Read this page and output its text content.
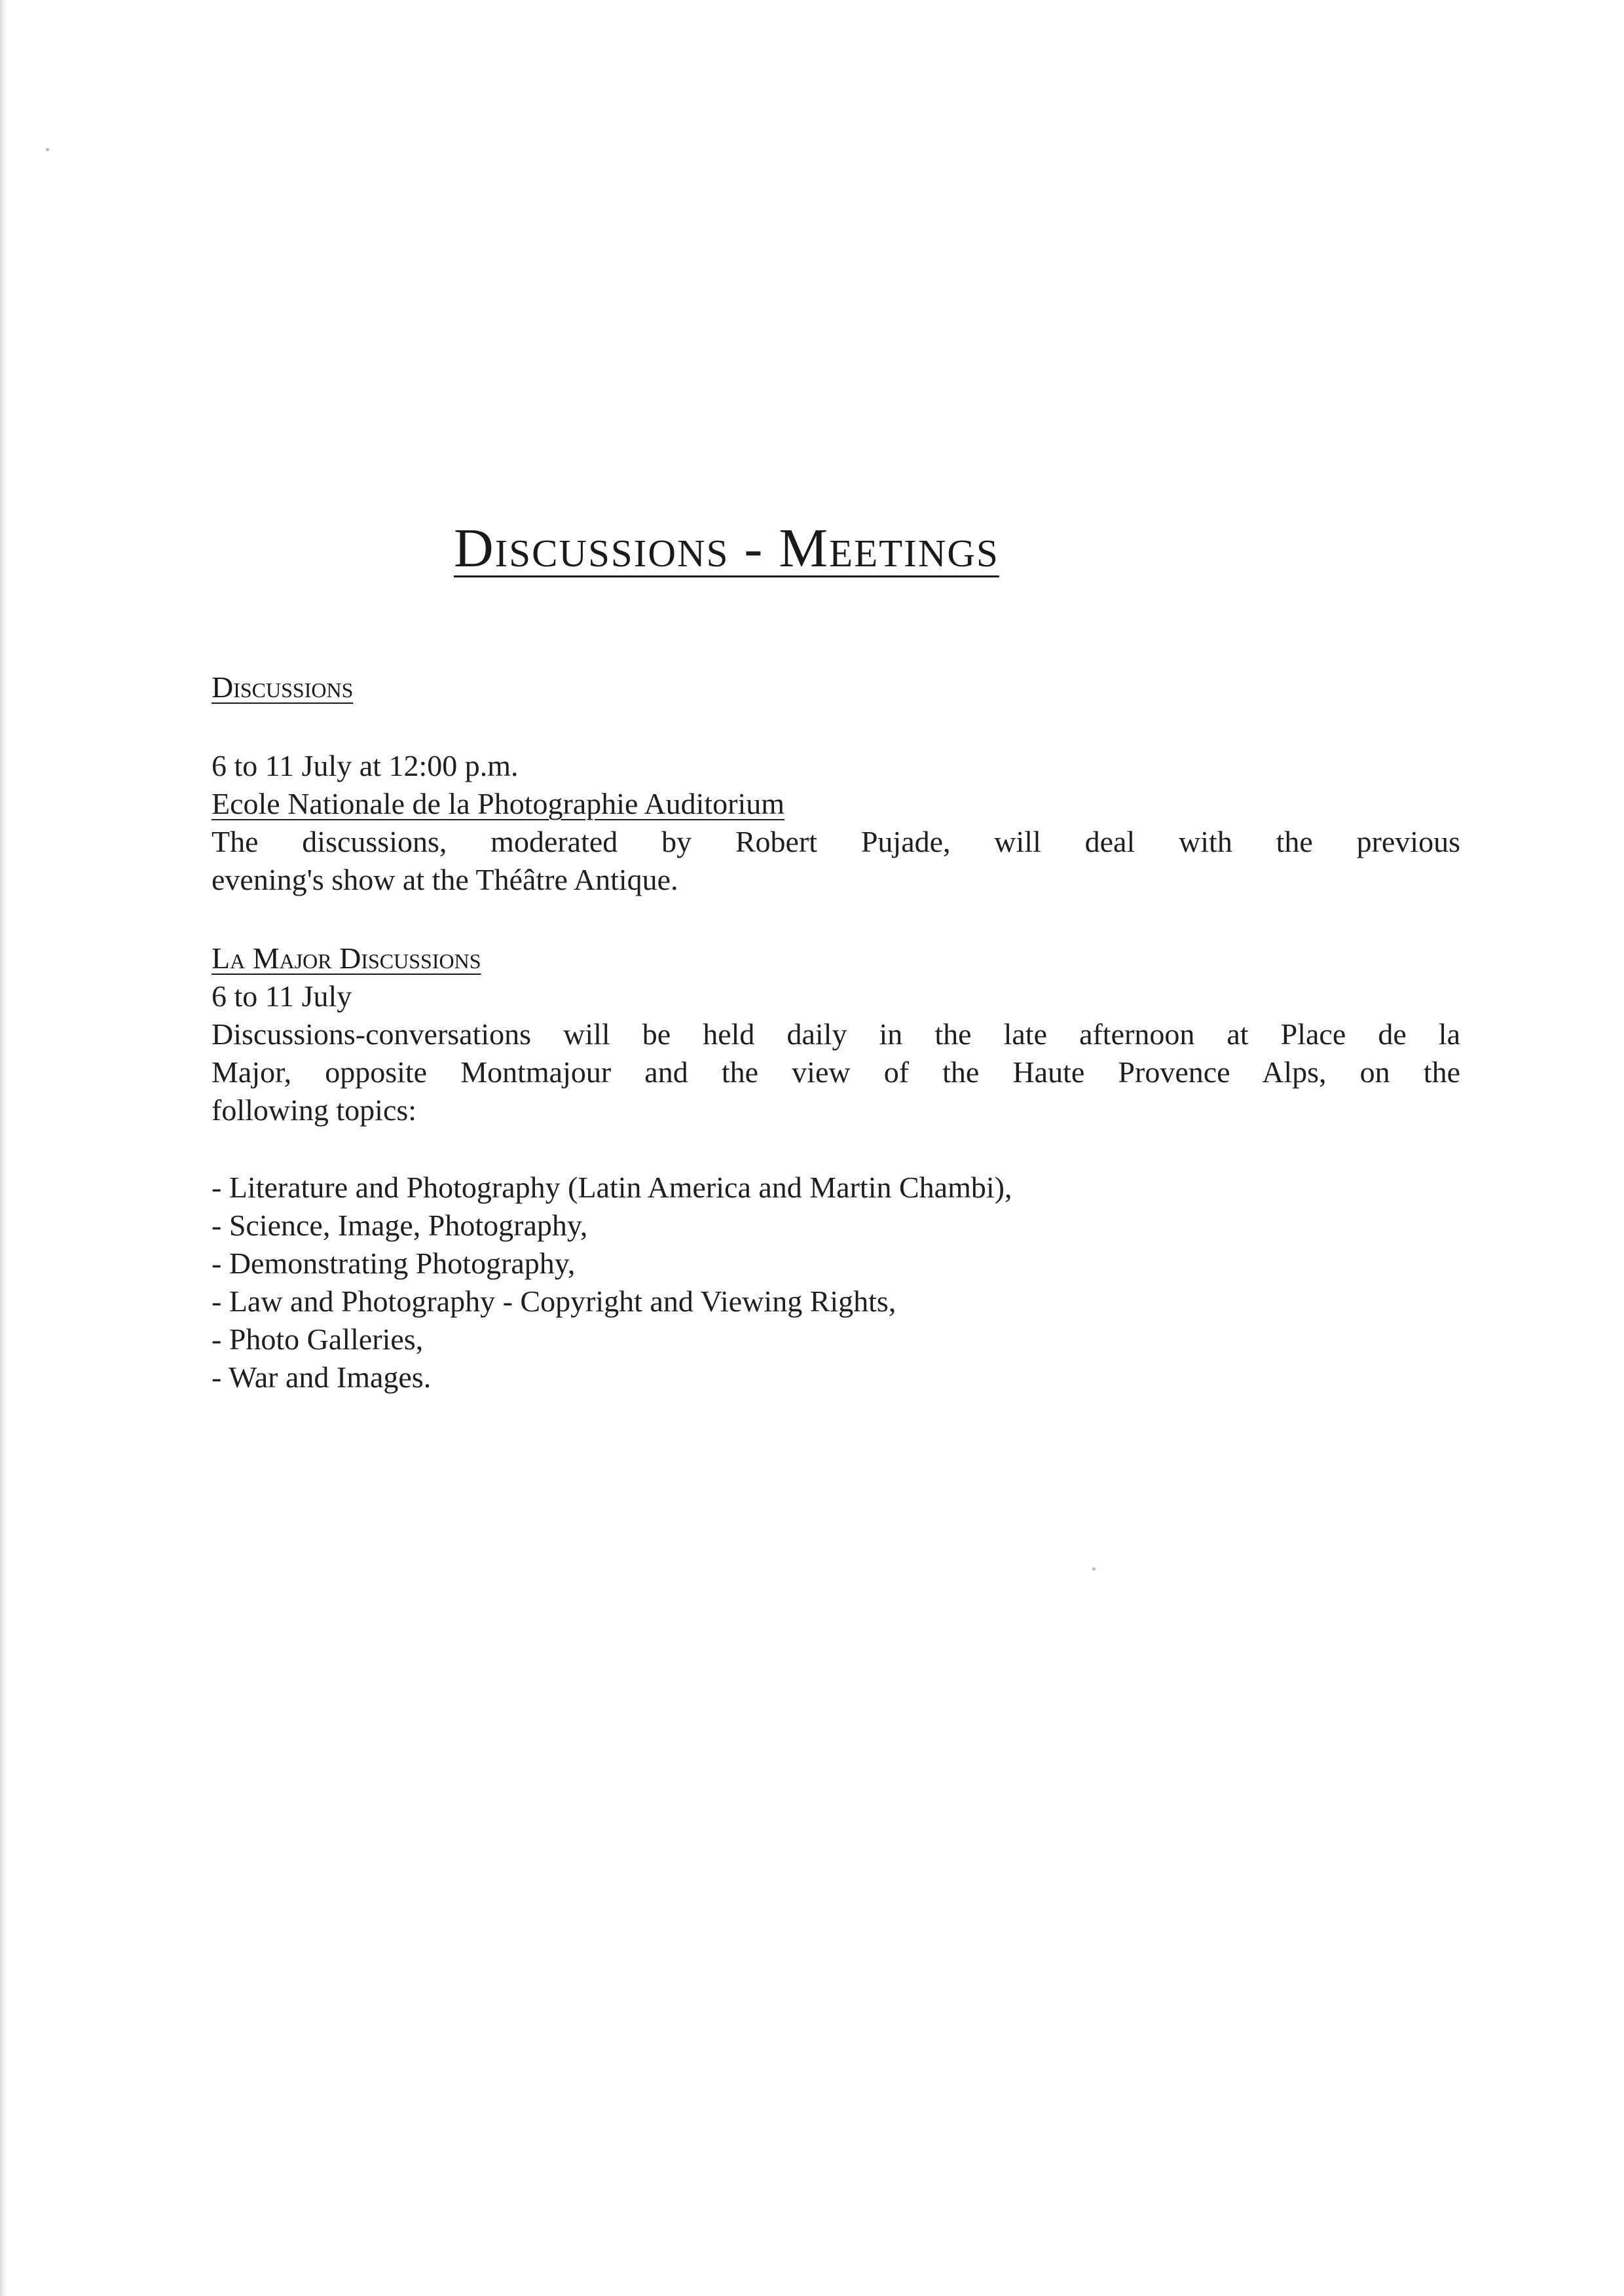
Discussions - Meetings
Discussions

6 to 11 July at 12:00 p.m.

Ecole Nationale de la Photographie Auditorium

The discussions, moderated by Robert Pujade, will deal with the previous

evening's show at the Théâtre Antique.

La Major Discussions

6 to 11 July

Discussions-conversations will be held daily in the late afternoon at Place de la

Major, opposite Montmajour and the view of the Haute Provence Alps, on the

following topics:

- Literature and Photography (Latin America and Martin Chambi),
- Science, Image, Photography,
- Demonstrating Photography,
- Law and Photography - Copyright and Viewing Rights,
- Photo Galleries,
- War and Images.
